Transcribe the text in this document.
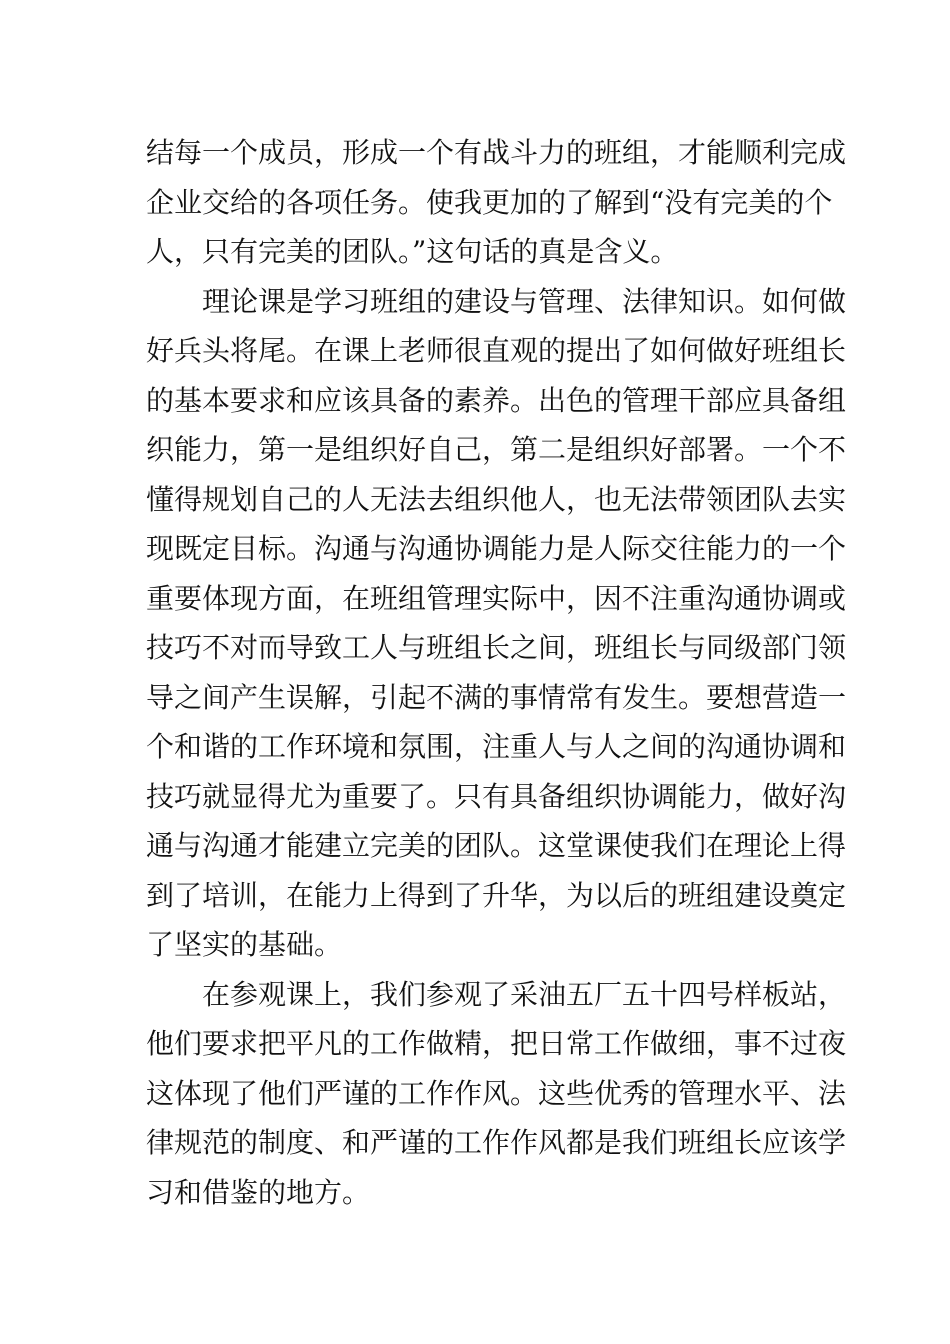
结每一个成员，形成一个有战斗力的班组，才能顺利完成
企业交给的各项任务。使我更加的了解到“没有完美的个
人，只有完美的团队。”这句话的真是含义。
理论课是学习班组的建设与管理、法律知识。如何做
好兵头将尾。在课上老师很直观的提出了如何做好班组长
的基本要求和应该具备的素养。出色的管理干部应具备组
织能力，第一是组织好自己，第二是组织好部署。一个不
懂得规划自己的人无法去组织他人，也无法带领团队去实
现既定目标。沟通与沟通协调能力是人际交往能力的一个
重要体现方面，在班组管理实际中，因不注重沟通协调或
技巧不对而导致工人与班组长之间，班组长与同级部门领
导之间产生误解，引起不满的事情常有发生。要想营造一
个和谐的工作环境和氛围，注重人与人之间的沟通协调和
技巧就显得尤为重要了。只有具备组织协调能力，做好沟
通与沟通才能建立完美的团队。这堂课使我们在理论上得
到了培训，在能力上得到了升华，为以后的班组建设奠定
了坚实的基础。
在参观课上，我们参观了采油五厂五十四号样板站，
他们要求把平凡的工作做精，把日常工作做细，事不过夜
这体现了他们严谨的工作作风。这些优秀的管理水平、法
律规范的制度、和严谨的工作作风都是我们班组长应该学
习和借鉴的地方。
